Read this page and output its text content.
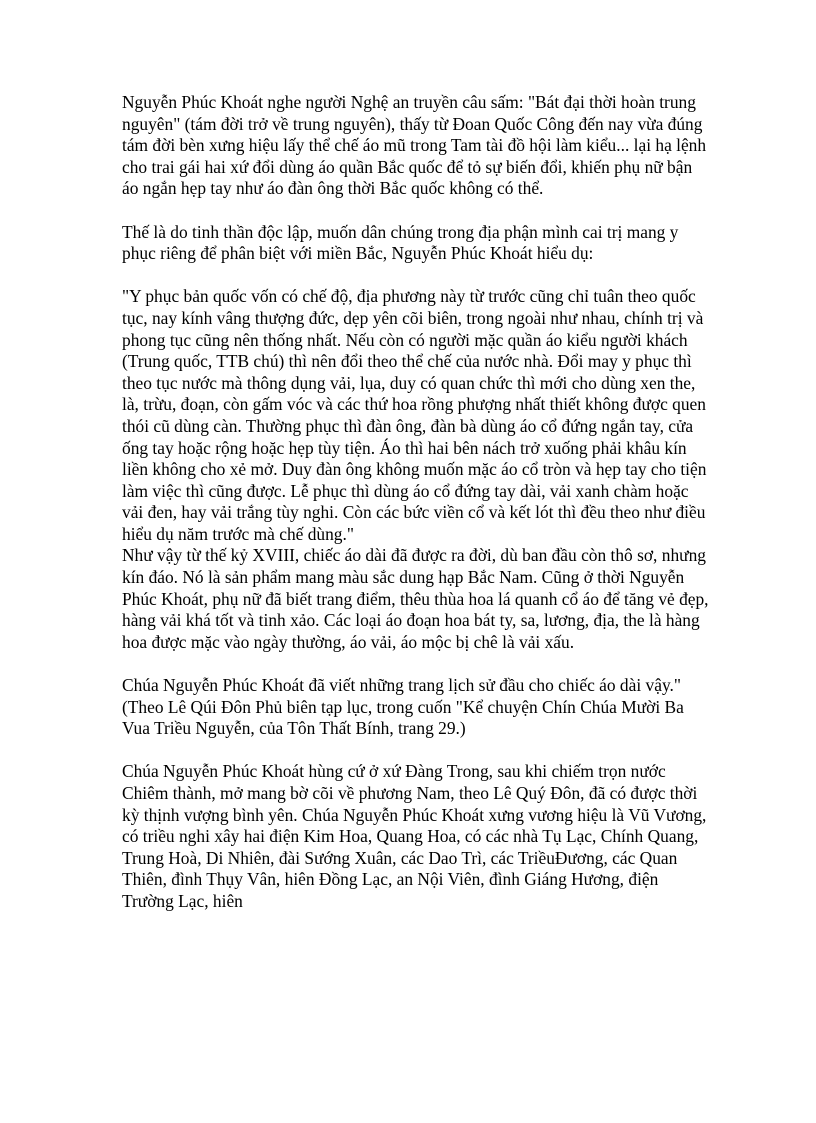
Nguyễn Phúc Khoát nghe người Nghệ an truyền câu sấm: "Bát đại thời hoàn trung nguyên" (tám đời trở về trung nguyên), thấy từ Đoan Quốc Công đến nay vừa đúng tám đời bèn xưng hiệu lấy thể chế áo mũ trong Tam tài đồ hội làm kiểu... lại hạ lệnh cho trai gái hai xứ đổi dùng áo quần Bắc quốc để tỏ sự biến đổi, khiến phụ nữ bận áo ngắn hẹp tay như áo đàn ông thời Bắc quốc không có thể.

Thế là do tinh thần độc lập, muốn dân chúng trong địa phận mình cai trị mang y phục riêng để phân biệt với miền Bắc, Nguyễn Phúc Khoát hiểu dụ:

"Y phục bản quốc vốn có chế độ, địa phương này từ trước cũng chỉ tuân theo quốc tục, nay kính vâng thượng đức, dẹp yên cõi biên, trong ngoài như nhau, chính trị và phong tục cũng nên thống nhất. Nếu còn có người mặc quần áo kiểu người khách (Trung quốc, TTB chú) thì nên đổi theo thể chế của nước nhà. Đổi may y phục thì theo tục nước mà thông dụng vải, lụa, duy có quan chức thì mới cho dùng xen the, là, trừu, đoạn, còn gấm vóc và các thứ hoa rồng phượng nhất thiết không được quen thói cũ dùng càn. Thường phục thì đàn ông, đàn bà dùng áo cổ đứng ngắn tay, cửa ống tay hoặc rộng hoặc hẹp tùy tiện. Áo thì hai bên nách trở xuống phải khâu kín liền không cho xẻ mở. Duy đàn ông không muốn mặc áo cổ tròn và hẹp tay cho tiện làm việc thì cũng được. Lễ phục thì dùng áo cổ đứng tay dài, vải xanh chàm hoặc vải đen, hay vải trắng tùy nghi. Còn các bức viền cổ và kết lót thì đều theo như điều hiểu dụ năm trước mà chế dùng."

Như vậy từ thế kỷ XVIII, chiếc áo dài đã được ra đời, dù ban đầu còn thô sơ, nhưng kín đáo. Nó là sản phẩm mang màu sắc dung hạp Bắc Nam. Cũng ở thời Nguyễn Phúc Khoát, phụ nữ đã biết trang điểm, thêu thùa hoa lá quanh cổ áo để tăng vẻ đẹp, hàng vải khá tốt và tinh xảo. Các loại áo đoạn hoa bát ty, sa, lương, địa, the là hàng hoa được mặc vào ngày thường, áo vải, áo mộc bị chê là vải xấu.

Chúa Nguyễn Phúc Khoát đã viết những trang lịch sử đầu cho chiếc áo dài vậy." (Theo Lê Qúi Đôn Phủ biên tạp lục, trong cuốn "Kể chuyện Chín Chúa Mười Ba Vua Triều Nguyễn, của Tôn Thất Bính, trang 29.)

Chúa Nguyễn Phúc Khoát hùng cứ ở xứ Đàng Trong, sau khi chiếm trọn nước Chiêm thành, mở mang bờ cõi về phương Nam, theo Lê Quý Đôn, đã có được thời kỳ thịnh vượng bình yên. Chúa Nguyễn Phúc Khoát xưng vương hiệu là Vũ Vương, có triều nghi xây hai điện Kim Hoa, Quang Hoa, có các nhà Tụ Lạc, Chính Quang, Trung Hoà, Di Nhiên, đài Sướng Xuân, các Dao Trì, các TriềuĐương, các Quan Thiên, đình Thụy Vân, hiên Đồng Lạc, an Nội Viên, đình Giáng Hương, điện Trường Lạc, hiên
